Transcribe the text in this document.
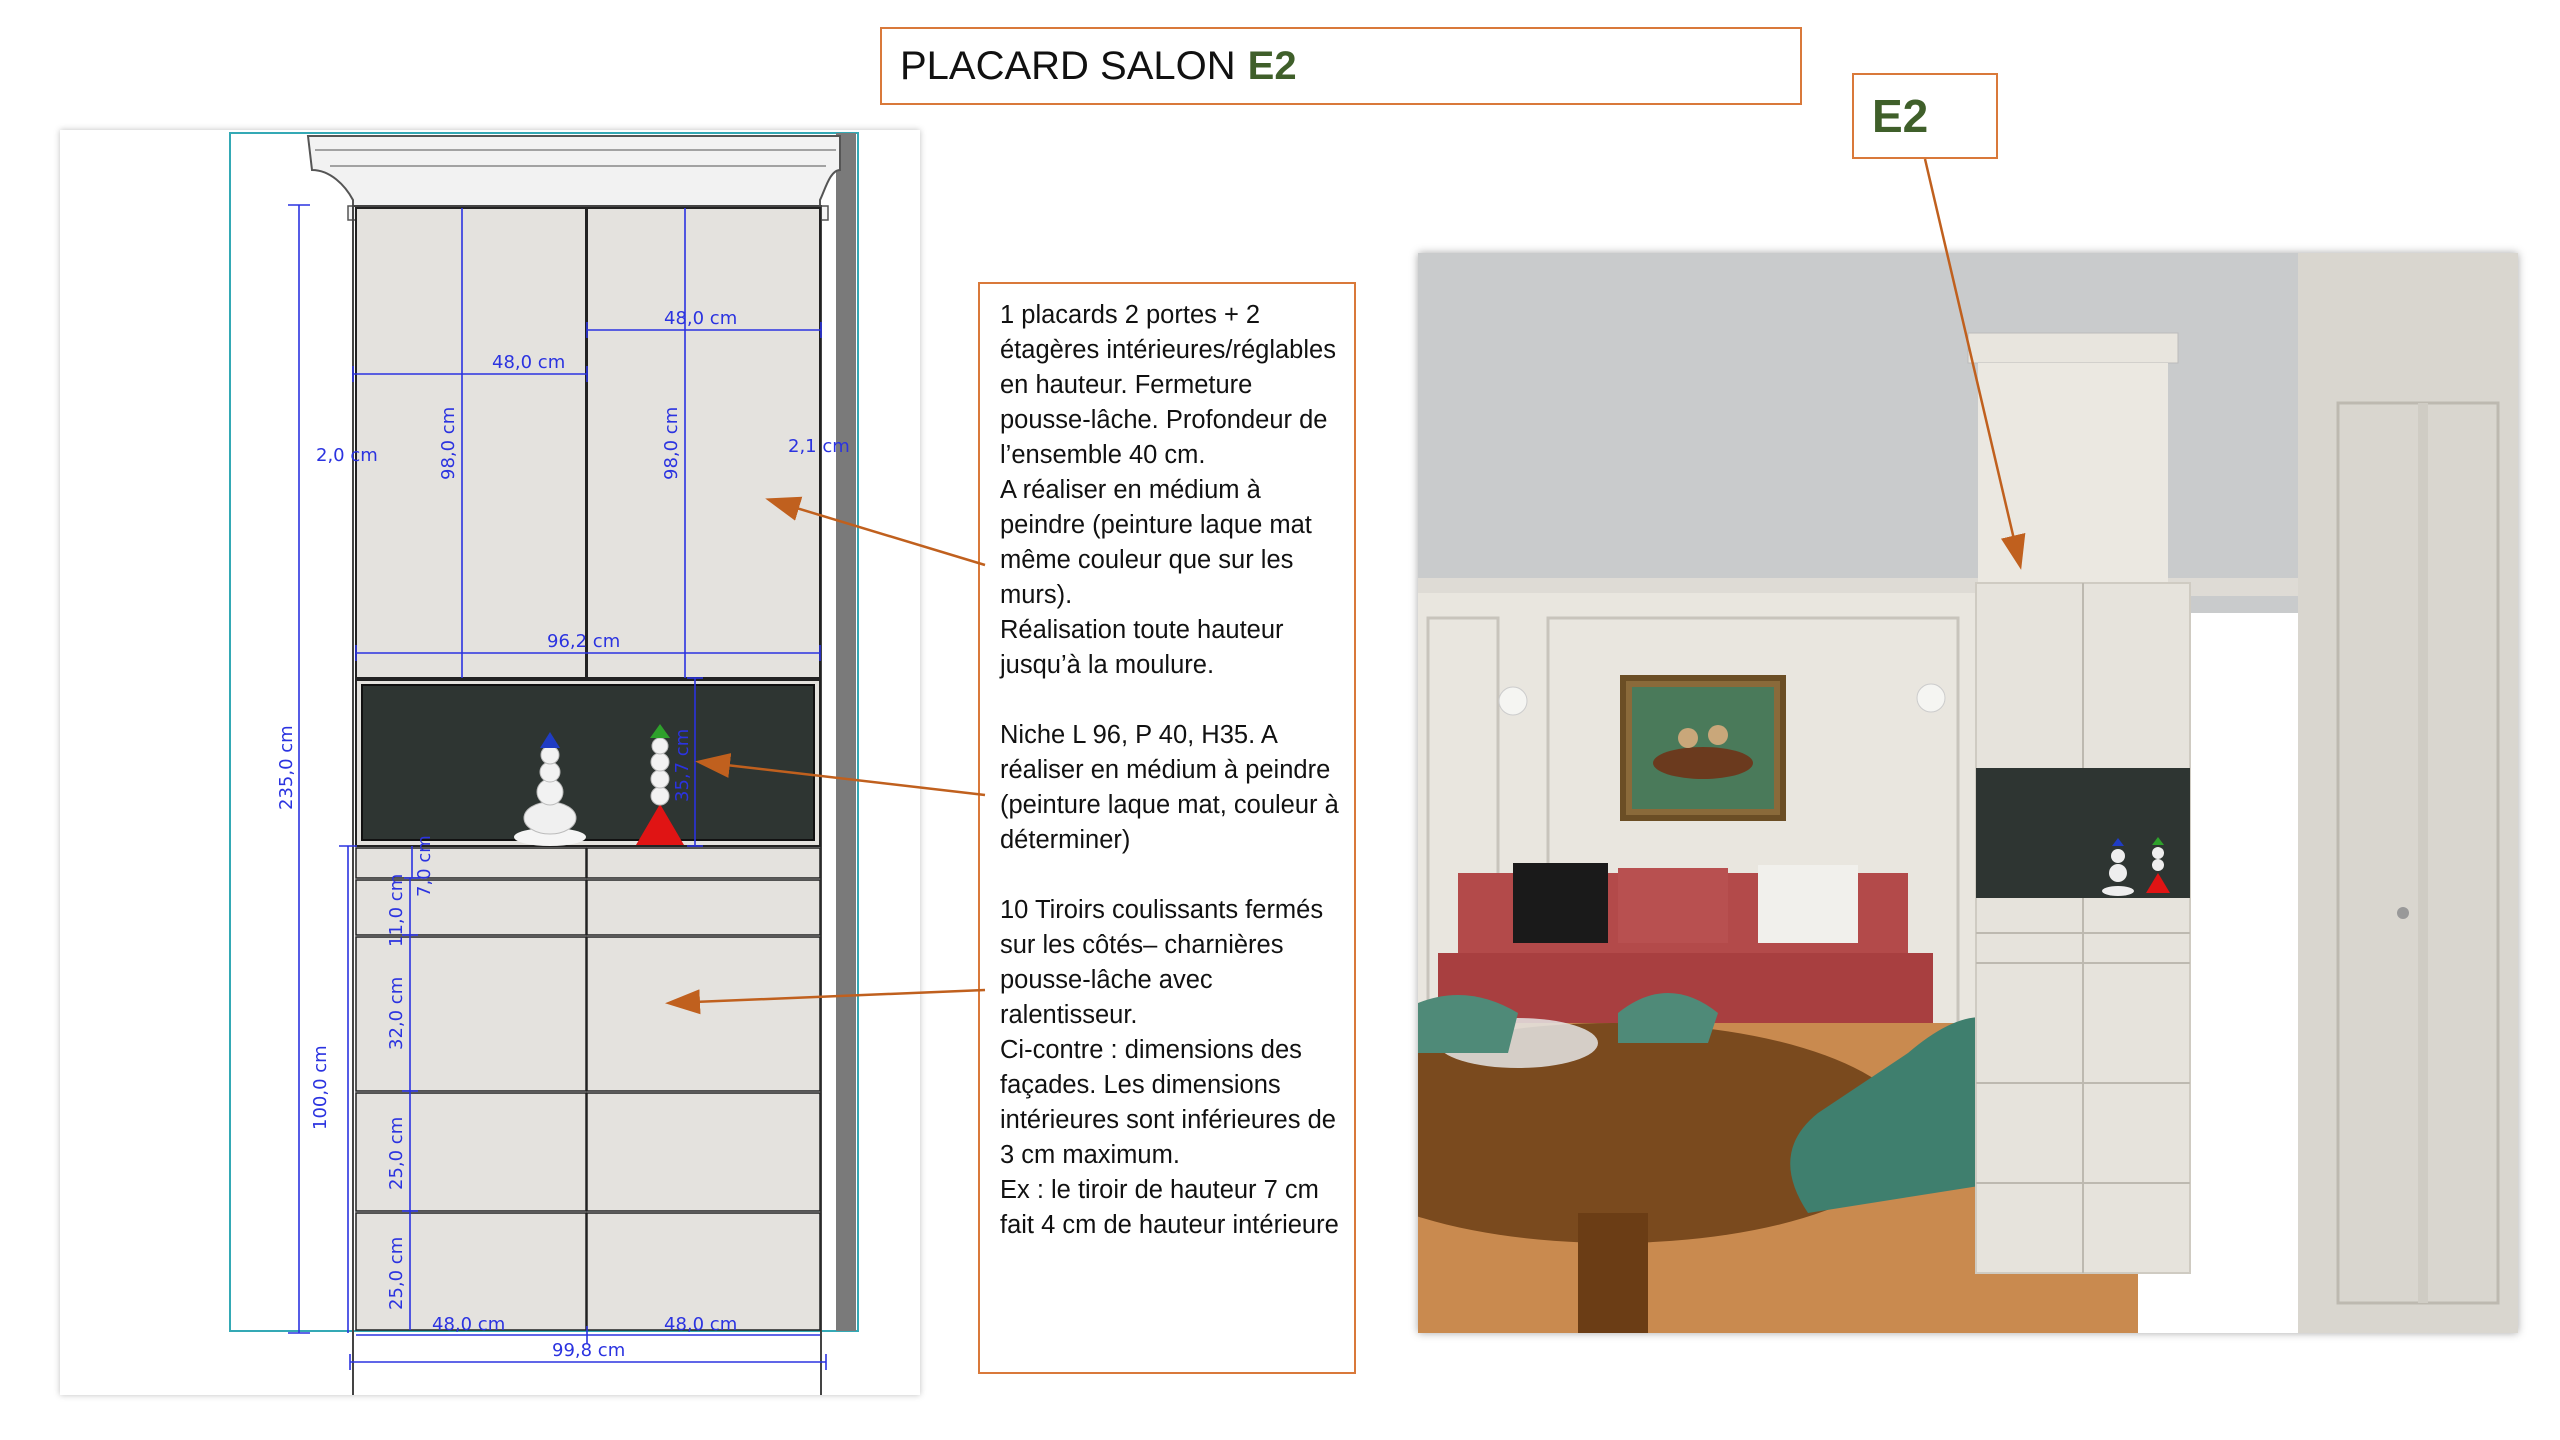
PLACARD SALON E2
E2
48,0 cm
48,0 cm
98,0 cm	98,0 cm
2,0 cm	2,1 cm
96,2 cm
235,0 cm	35,7 cm
7,0 cm
11,0 cm
32,0 cm
25,0 cm
25,0 cm
100,0 cm
48,0 cm	48,0 cm
99,8 cm

1 placards 2 portes + 2 étagères intérieures/réglables en hauteur. Fermeture pousse-lâche. Profondeur de l’ensemble 40 cm.
A réaliser en médium à peindre (peinture laque mat même couleur que sur les murs).
Réalisation toute hauteur jusqu’à la moulure.

Niche L 96, P 40, H35. A réaliser en médium à peindre (peinture laque mat, couleur à déterminer)

10 Tiroirs coulissants fermés sur les côtés– charnières pousse-lâche avec ralentisseur.
Ci-contre : dimensions des façades. Les dimensions intérieures sont inférieures de 3 cm maximum.
Ex : le tiroir de hauteur 7 cm fait 4 cm de hauteur intérieure
